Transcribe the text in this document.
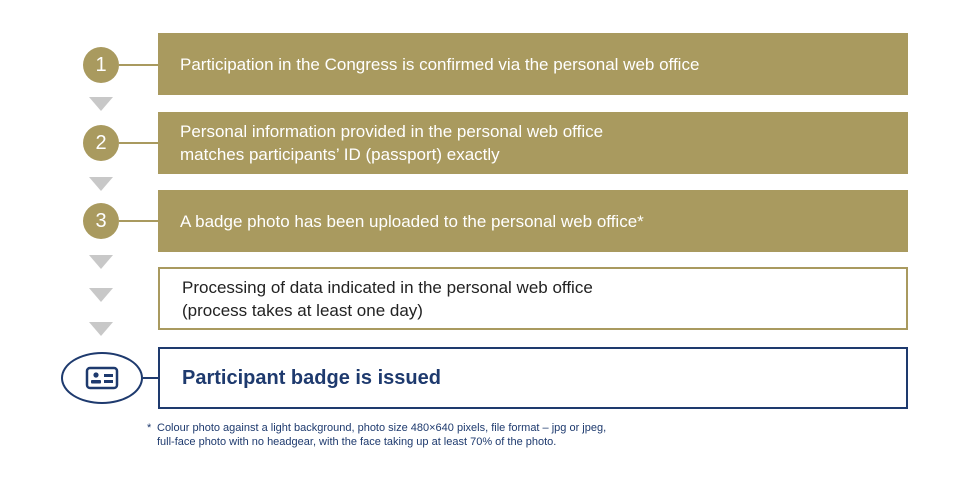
1	Participation in the Congress is confirmed via the personal web office
2
Personal information provided in the personal web office
matches participants’ ID (passport) exactly
3	A badge photo has been uploaded to the personal web office*
Processing of data indicated in the personal web office
(process takes at least one day)
Participant badge is issued
* Colour photo against a light background, photo size 480×640 pixels, file format – jpg or jpeg,
full-face photo with no headgear, with the face taking up at least 70% of the photo.
